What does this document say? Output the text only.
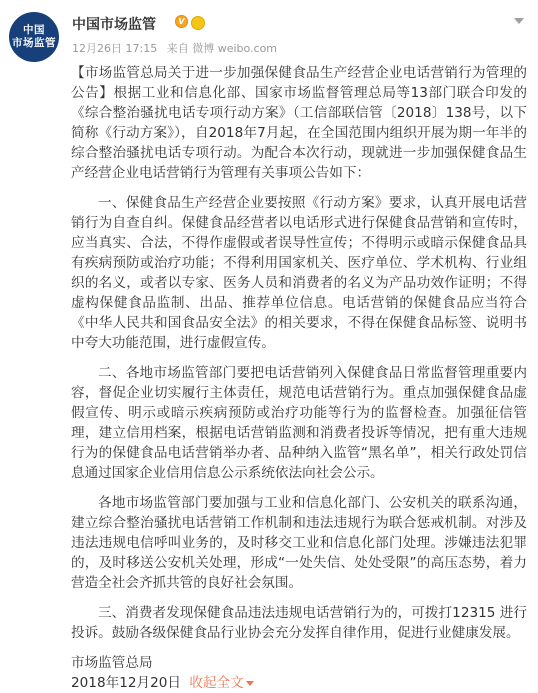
中国
市场监管
中国市场监管	V
12月26日 17:15 来自 微博 weibo.com

【市场监管总局关于进一步加强保健食品生产经营企业电话营销行为管理的公告】根据工业和信息化部、国家市场监督管理总局等13部门联合印发的《综合整治骚扰电话专项行动方案》（工信部联信管〔2018〕138号，以下简称《行动方案》），自2018年7月起，在全国范围内组织开展为期一年半的综合整治骚扰电话专项行动。为配合本次行动，现就进一步加强保健食品生产经营企业电话营销行为管理有关事项公告如下：

一、保健食品生产经营企业要按照《行动方案》要求，认真开展电话营销行为自查自纠。保健食品经营者以电话形式进行保健食品营销和宣传时，应当真实、合法，不得作虚假或者误导性宣传；不得明示或暗示保健食品具有疾病预防或治疗功能；不得利用国家机关、医疗单位、学术机构、行业组织的名义，或者以专家、医务人员和消费者的名义为产品功效作证明；不得虚构保健食品监制、出品、推荐单位信息。电话营销的保健食品应当符合《中华人民共和国食品安全法》的相关要求，不得在保健食品标签、说明书中夸大功能范围，进行虚假宣传。

二、各地市场监管部门要把电话营销列入保健食品日常监督管理重要内容，督促企业切实履行主体责任，规范电话营销行为。重点加强保健食品虚假宣传、明示或暗示疾病预防或治疗功能等行为的监督检查。加强征信管理，建立信用档案，根据电话营销监测和消费者投诉等情况，把有重大违规行为的保健食品电话营销举办者、品种纳入监管“黑名单”，相关行政处罚信息通过国家企业信用信息公示系统依法向社会公示。

各地市场监管部门要加强与工业和信息化部门、公安机关的联系沟通，建立综合整治骚扰电话营销工作机制和违法违规行为联合惩戒机制。对涉及违法违规电信呼叫业务的，及时移交工业和信息化部门处理。涉嫌违法犯罪的，及时移送公安机关处理，形成“一处失信、处处受限”的高压态势，着力营造全社会齐抓共管的良好社会氛围。

三、消费者发现保健食品违法违规电话营销行为的，可拨打12315 进行投诉。鼓励各级保健食品行业协会充分发挥自律作用，促进行业健康发展。

市场监管总局
2018年12月20日 收起全文
